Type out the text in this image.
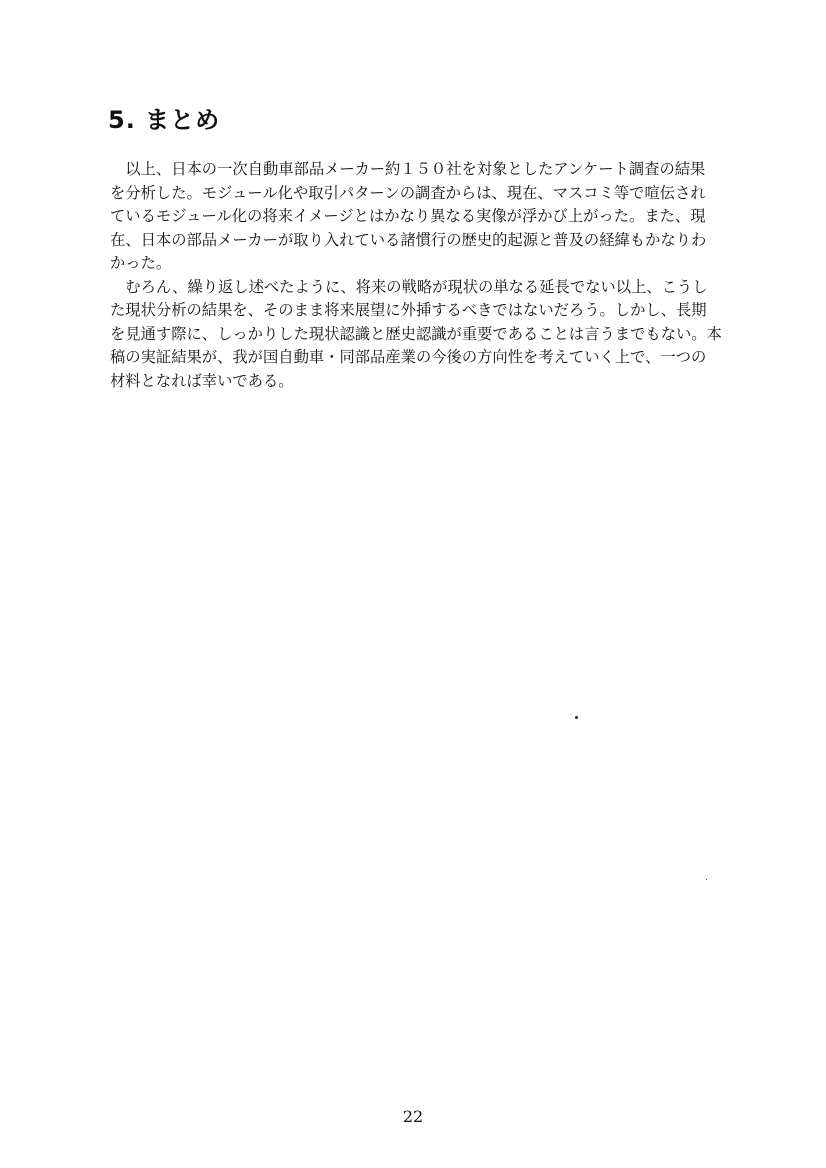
5. まとめ
　以上、日本の一次自動車部品メーカー約１５０社を対象としたアンケート調査の結果
を分析した。モジュール化や取引パターンの調査からは、現在、マスコミ等で喧伝され
ているモジュール化の将来イメージとはかなり異なる実像が浮かび上がった。また、現
在、日本の部品メーカーが取り入れている諸慣行の歴史的起源と普及の経緯もかなりわ
かった。
　むろん、繰り返し述べたように、将来の戦略が現状の単なる延長でない以上、こうし
た現状分析の結果を、そのまま将来展望に外挿するべきではないだろう。しかし、長期
を見通す際に、しっかりした現状認識と歴史認識が重要であることは言うまでもない。本
稿の実証結果が、我が国自動車・同部品産業の今後の方向性を考えていく上で、一つの
材料となれば幸いである。
22
